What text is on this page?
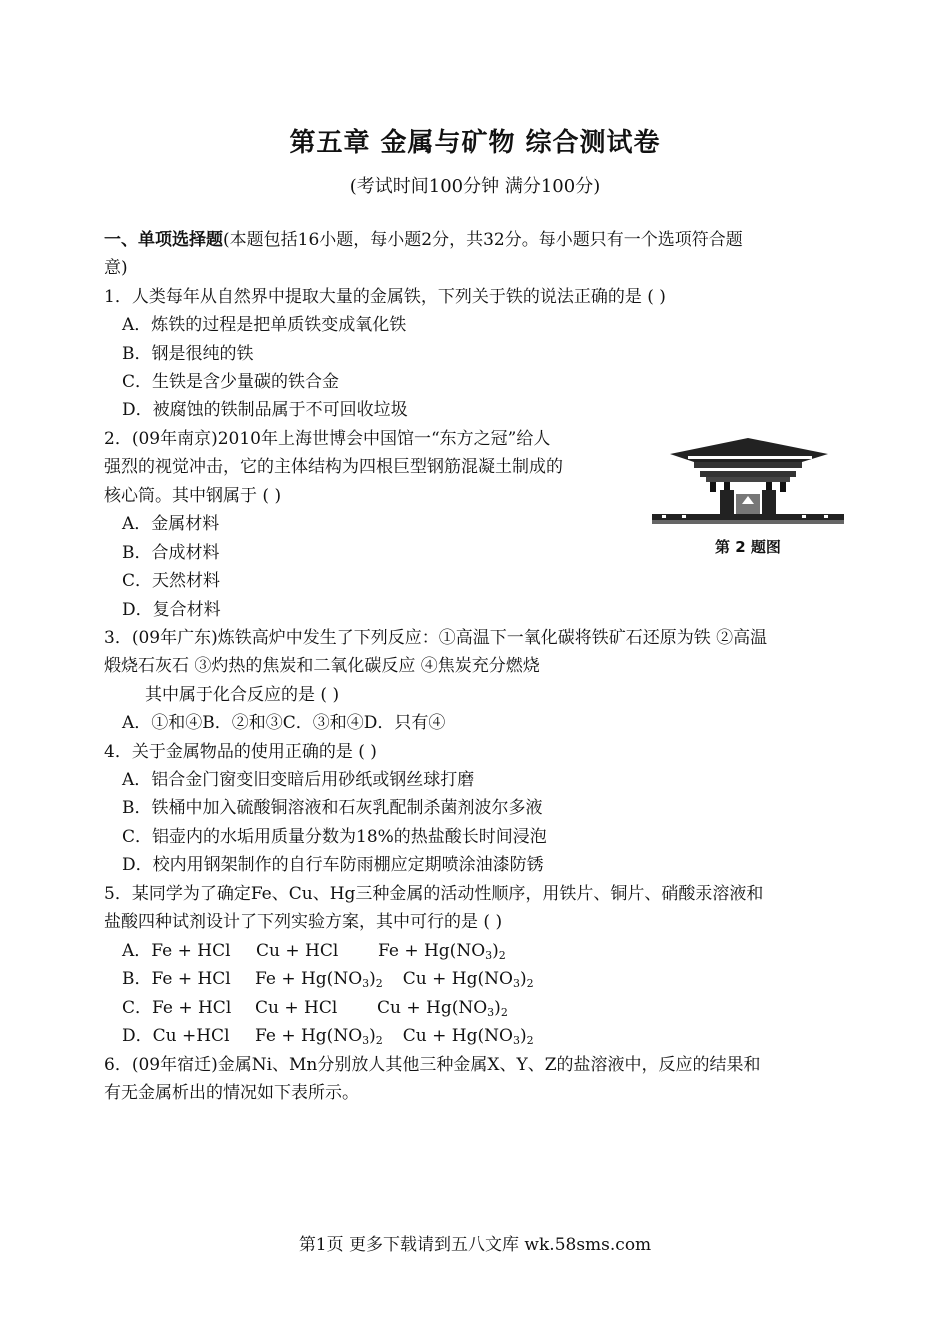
第五章 金属与矿物 综合测试卷
(考试时间100分钟 满分100分)
一、单项选择题(本题包括16小题，每小题2分，共32分。每小题只有一个选项符合题
意)
1．人类每年从自然界中提取大量的金属铁，下列关于铁的说法正确的是 ( )
A．炼铁的过程是把单质铁变成氧化铁
B．钢是很纯的铁
C．生铁是含少量碳的铁合金
D．被腐蚀的铁制品属于不可回收垃圾
2．(09年南京)2010年上海世博会中国馆一“东方之冠”给人
强烈的视觉冲击，它的主体结构为四根巨型钢筋混凝土制成的
核心筒。其中钢属于 ( )
A．金属材料
B．合成材料
C．天然材料
D．复合材料
第 2 题图
3．(09年广东)炼铁高炉中发生了下列反应：①高温下一氧化碳将铁矿石还原为铁 ②高温
煅烧石灰石 ③灼热的焦炭和二氧化碳反应 ④焦炭充分燃烧
其中属于化合反应的是 ( )
A．①和④B．②和③C．③和④D．只有④
4．关于金属物品的使用正确的是 ( )
A．铝合金门窗变旧变暗后用砂纸或钢丝球打磨
B．铁桶中加入硫酸铜溶液和石灰乳配制杀菌剂波尔多液
C．铝壶内的水垢用质量分数为18%的热盐酸长时间浸泡
D．校内用钢架制作的自行车防雨棚应定期喷涂油漆防锈
5．某同学为了确定Fe、Cu、Hg三种金属的活动性顺序，用铁片、铜片、硝酸汞溶液和
盐酸四种试剂设计了下列实验方案，其中可行的是 ( )
A．Fe + HCl Cu + HCl $Fe + Hg(NO_3)_2$
B．Fe + HCl $Fe + Hg(NO_3)_2$ $Cu + Hg(NO_3)_2$
C．Fe + HCl Cu + HCl $Cu + Hg(NO_3)_2$
D．Cu +HCl $Fe + Hg(NO_3)_2$ $Cu + Hg(NO_3)_2$
6．(09年宿迁)金属Ni、Mn分别放人其他三种金属X、Y、Z的盐溶液中，反应的结果和
有无金属析出的情况如下表所示。
第1页 更多下载请到五八文库 wk.58sms.com
